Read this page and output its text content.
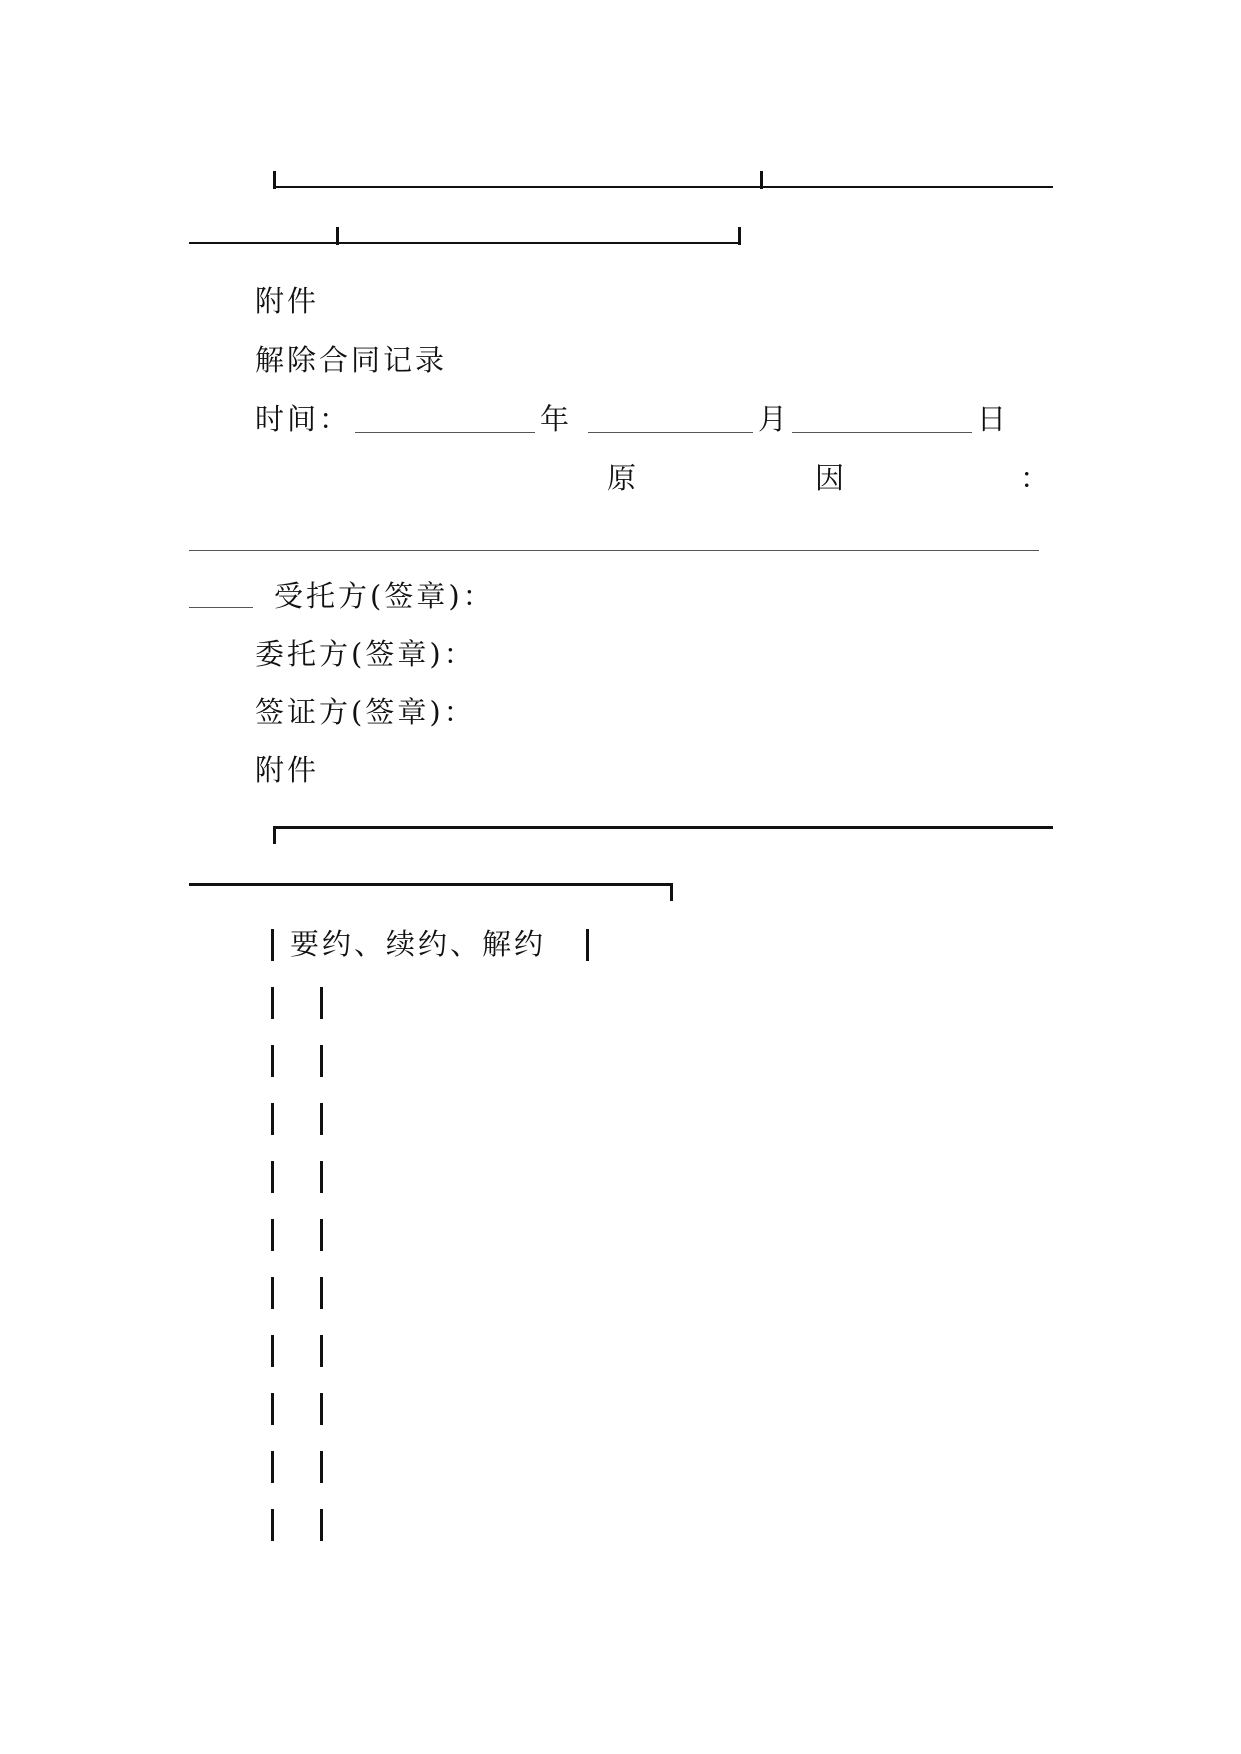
附件
解除合同记录
时间：	年	月	日
原	因	：
受托方(签章)：
委托方(签章)：
签证方(签章)：
附件
要约、续约、解约
